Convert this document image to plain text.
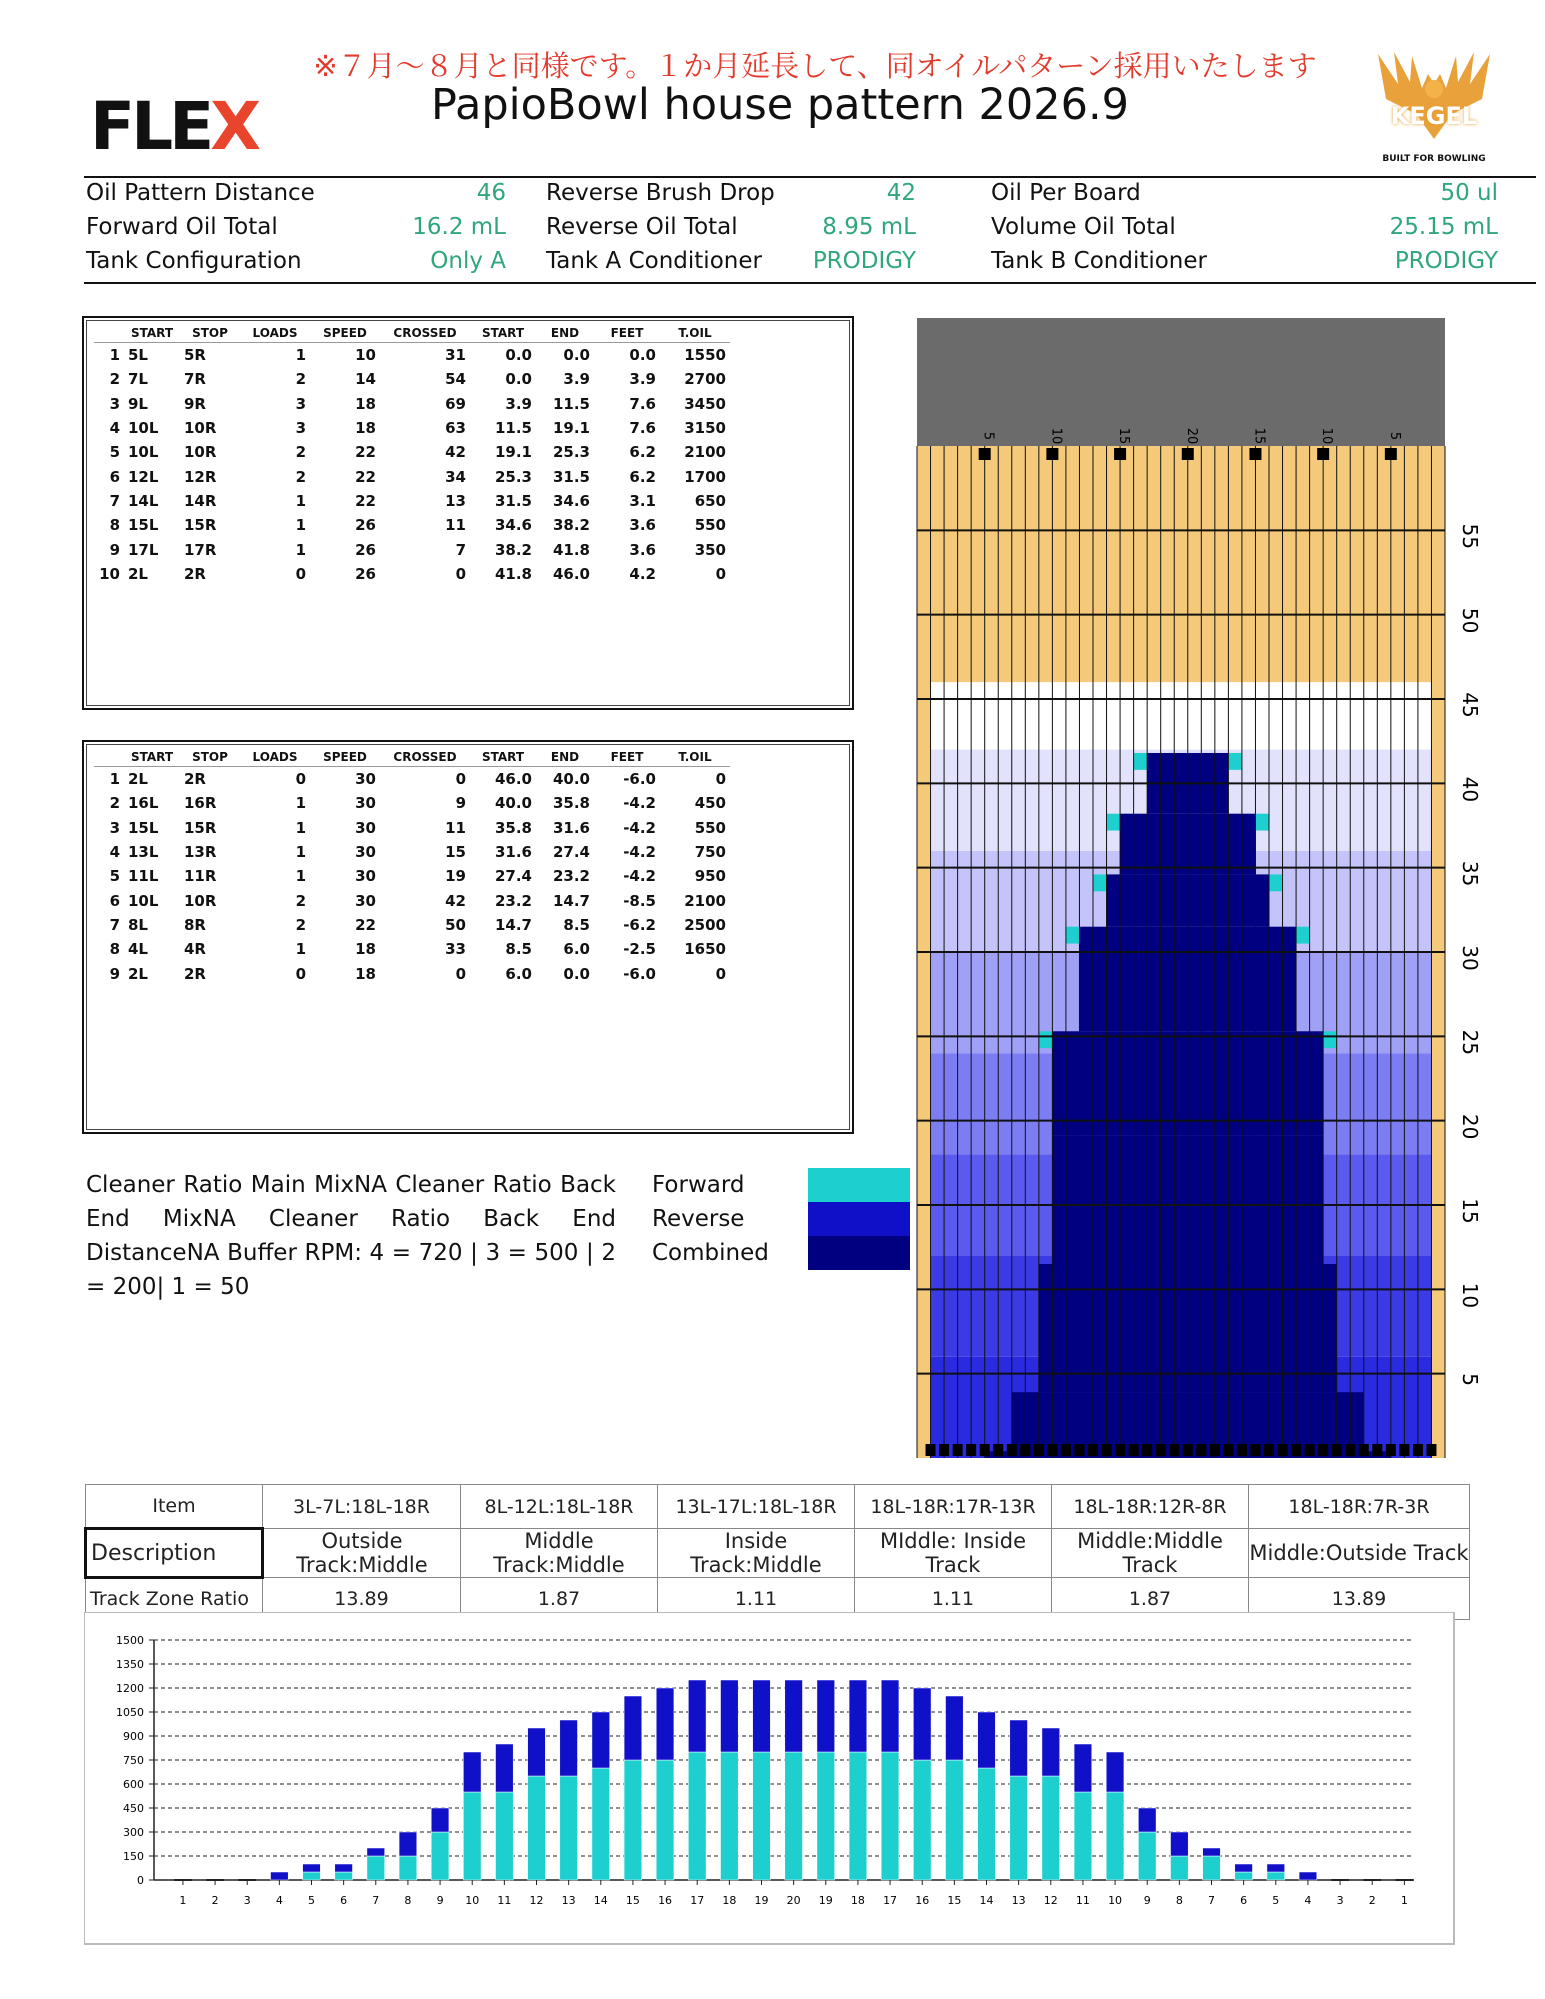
※７月～８月と同様です。１か月延長して、同オイルパターン採用いたします
PapioBowl house pattern 2026.9
FLEX	KEGEL
BUILT FOR BOWLING
Oil Pattern Distance	46 Reverse Brush Drop	42	Oil Per Board	50 ul
Forward Oil Total	16.2 mL Reverse Oil Total	8.95 mL	Volume Oil Total	25.15 mL
Tank Configuration	Only A Tank A Conditioner	PRODIGY	Tank B Conditioner	PRODIGY
	START	STOP	LOADS	SPEED	CROSSED	START	END	FEET	T.OIL
1	5L	5R	1	10	31	0.0	0.0	0.0	1550
2	7L	7R	2	14	54	0.0	3.9	3.9	2700
3	9L	9R	3	18	69	3.9	11.5	7.6	3450
4	10L	10R	3	18	63	11.5	19.1	7.6	3150
5	10L	10R	2	22	42	19.1	25.3	6.2	2100
6	12L	12R	2	22	34	25.3	31.5	6.2	1700
7	14L	14R	1	22	13	31.5	34.6	3.1	650
8	15L	15R	1	26	11	34.6	38.2	3.6	550
9	17L	17R	1	26	7	38.2	41.8	3.6	350
10	2L	2R	0	26	0	41.8	46.0	4.2	0
	START	STOP	LOADS	SPEED	CROSSED	START	END	FEET	T.OIL
1	2L	2R	0	30	0	46.0	40.0	-6.0	0
2	16L	16R	1	30	9	40.0	35.8	-4.2	450
3	15L	15R	1	30	11	35.8	31.6	-4.2	550
4	13L	13R	1	30	15	31.6	27.4	-4.2	750
5	11L	11R	1	30	19	27.4	23.2	-4.2	950
6	10L	10R	2	30	42	23.2	14.7	-8.5	2100
7	8L	8R	2	22	50	14.7	8.5	-6.2	2500
8	4L	4R	1	18	33	8.5	6.0	-2.5	1650
9	2L	2R	0	18	0	6.0	0.0	-6.0	0
Cleaner Ratio Main MixNA Cleaner Ratio Back End MixNA Cleaner Ratio Back End DistanceNA Buffer RPM: 4 = 720 | 3 = 500 | 2 = 200| 1 = 50
Forward
Reverse
Combined
5	10	15	20	15	10	5
55
50
45
40
35
30
25
20
15
10
5
Item	3L-7L:18L-18R	8L-12L:18L-18R	13L-17L:18L-18R	18L-18R:17R-13R	18L-18R:12R-8R	18L-18R:7R-3R
Description	Outside Track:Middle	Middle Track:Middle	Inside Track:Middle	MIddle: Inside Track	Middle:Middle Track	Middle:Outside Track
Track Zone Ratio	13.89	1.87	1.11	1.11	1.87	13.89
0
150
300
450
600
750
900
1050
1200
1350
1500
1 2 3 4 5 6 7 8 9 10 11 12 13 14 15 16 17 18 19 20 19 18 17 16 15 14 13 12 11 10 9 8 7 6 5 4 3 2 1
